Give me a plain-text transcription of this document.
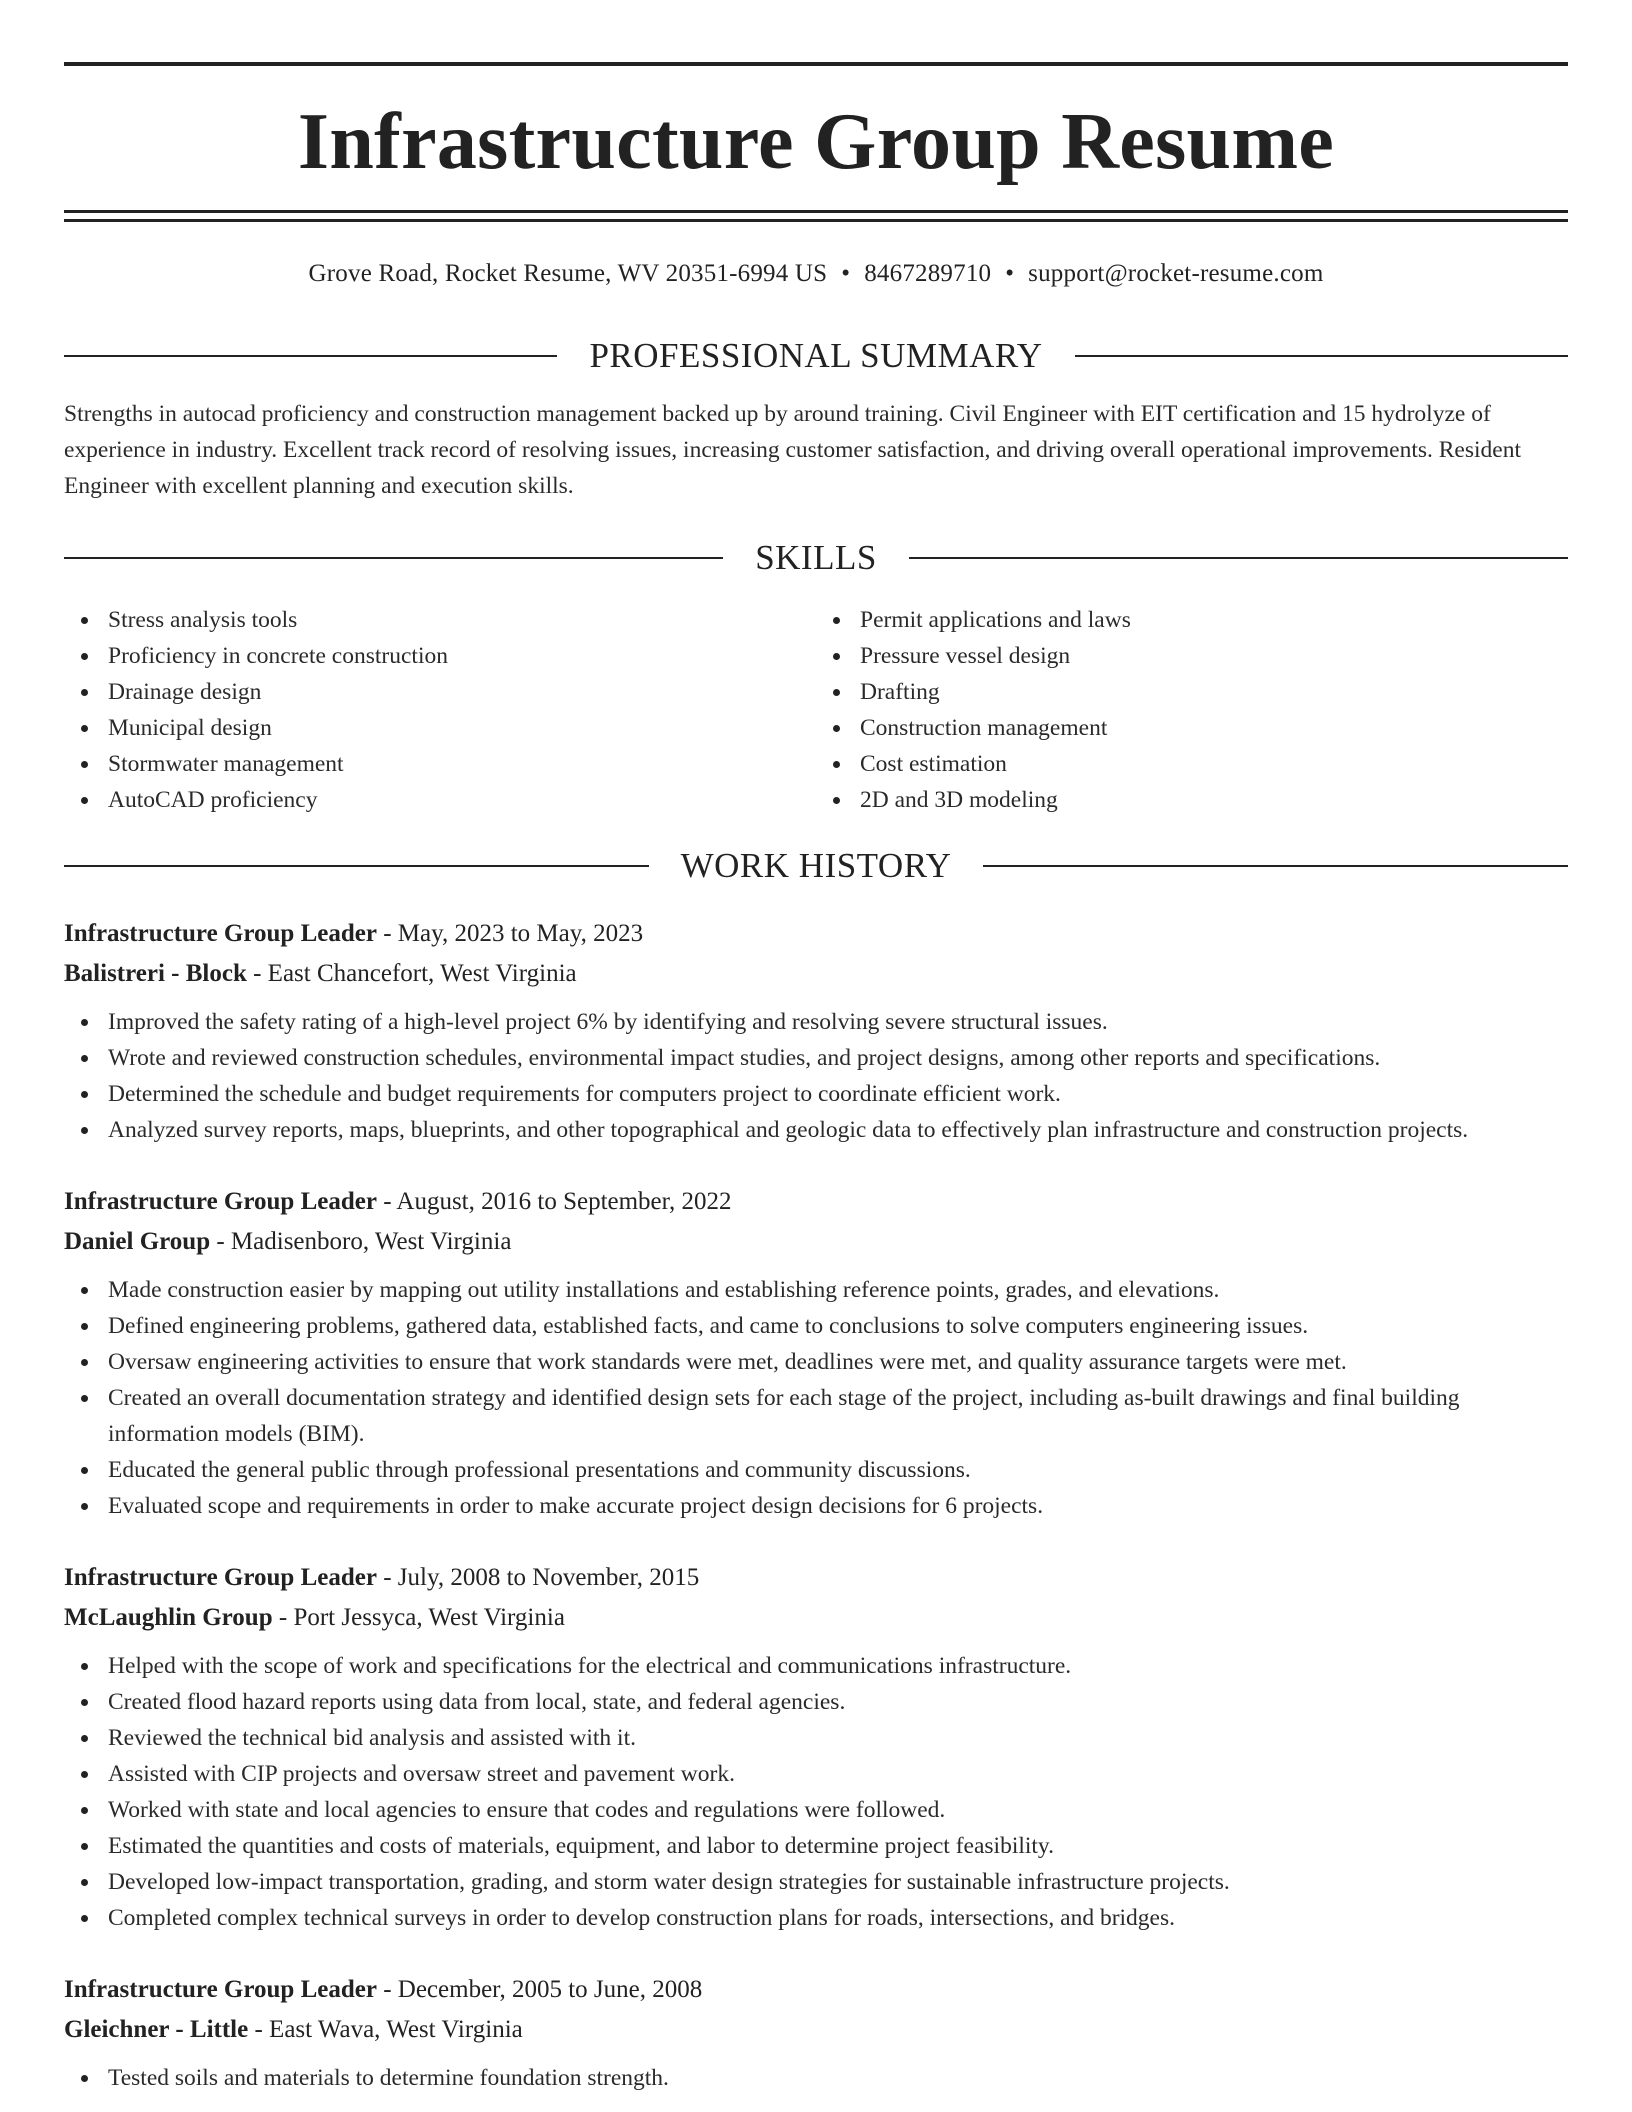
Infrastructure Group Resume
Grove Road, Rocket Resume, WV 20351-6994 US • 8467289710 • support@rocket-resume.com
PROFESSIONAL SUMMARY

Strengths in autocad proficiency and construction management backed up by around training. Civil Engineer with EIT certification and 15 hydrolyze of experience in industry. Excellent track record of resolving issues, increasing customer satisfaction, and driving overall operational improvements. Resident Engineer with excellent planning and execution skills.

SKILLS
Stress analysis tools
Proficiency in concrete construction
Drainage design
Municipal design
Stormwater management
AutoCAD proficiency
Permit applications and laws
Pressure vessel design
Drafting
Construction management
Cost estimation
2D and 3D modeling
WORK HISTORY
Infrastructure Group Leader - May, 2023 to May, 2023
Balistreri - Block - East Chancefort, West Virginia
Improved the safety rating of a high-level project 6% by identifying and resolving severe structural issues.
Wrote and reviewed construction schedules, environmental impact studies, and project designs, among other reports and specifications.
Determined the schedule and budget requirements for computers project to coordinate efficient work.
Analyzed survey reports, maps, blueprints, and other topographical and geologic data to effectively plan infrastructure and construction projects.
Infrastructure Group Leader - August, 2016 to September, 2022
Daniel Group - Madisenboro, West Virginia
Made construction easier by mapping out utility installations and establishing reference points, grades, and elevations.
Defined engineering problems, gathered data, established facts, and came to conclusions to solve computers engineering issues.
Oversaw engineering activities to ensure that work standards were met, deadlines were met, and quality assurance targets were met.
Created an overall documentation strategy and identified design sets for each stage of the project, including as-built drawings and final building information models (BIM).
Educated the general public through professional presentations and community discussions.
Evaluated scope and requirements in order to make accurate project design decisions for 6 projects.
Infrastructure Group Leader - July, 2008 to November, 2015
McLaughlin Group - Port Jessyca, West Virginia
Helped with the scope of work and specifications for the electrical and communications infrastructure.
Created flood hazard reports using data from local, state, and federal agencies.
Reviewed the technical bid analysis and assisted with it.
Assisted with CIP projects and oversaw street and pavement work.
Worked with state and local agencies to ensure that codes and regulations were followed.
Estimated the quantities and costs of materials, equipment, and labor to determine project feasibility.
Developed low-impact transportation, grading, and storm water design strategies for sustainable infrastructure projects.
Completed complex technical surveys in order to develop construction plans for roads, intersections, and bridges.
Infrastructure Group Leader - December, 2005 to June, 2008
Gleichner - Little - East Wava, West Virginia
Tested soils and materials to determine foundation strength.
